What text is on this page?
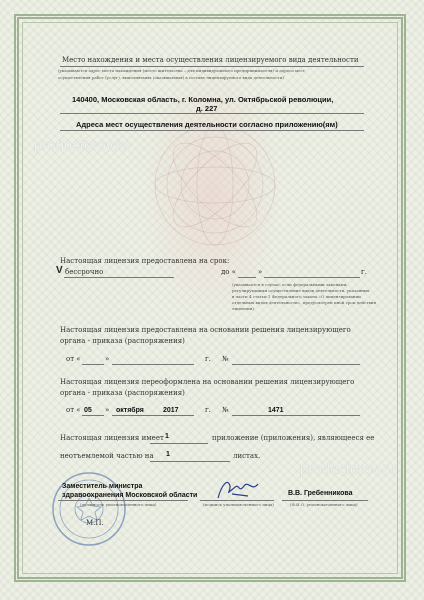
Место нахождения и места осуществления лицензируемого вида деятельности
(указываются адрес места нахождения (место жительства – для индивидуального предпринимателя) и адреса мест
осуществления работ (услуг), выполняемых (оказываемых) в составе лицензируемого вида деятельности)
140400, Московская область, г. Коломна, ул. Октябрьской революции,
д. 227
Адреса мест осуществления деятельности согласно приложению(ям)
Настоящая лицензия предоставлена на срок:
V бессрочно	до «	»	г.
(указывается в случае, если федеральными законами,
регулирующими осуществление видов деятельности, указанных
в части 4 статьи 1 Федерального закона «О лицензировании
отдельных видов деятельности», предусмотрен иной срок действия
лицензии)
Настоящая лицензия предоставлена на основании решения лицензирующего
органа - приказа (распоряжения)
от «	»	г. №
Настоящая лицензия переоформлена на основании решения лицензирующего
органа - приказа (распоряжения)
от « 05 » октября	2017	г. №	1471
Настоящая лицензия имеет 1	приложение (приложения), являющееся ее
неотъемлемой частью на 1	листах.
Заместитель министра
здравоохранения Московской области
(должность уполномоченного лица)	(подпись уполномоченного лица)
В.В. Гребенникова
(Ф.И.О. уполномоченного лица)
М.П.
prodoctorov.ru
prodoctorov.ru
